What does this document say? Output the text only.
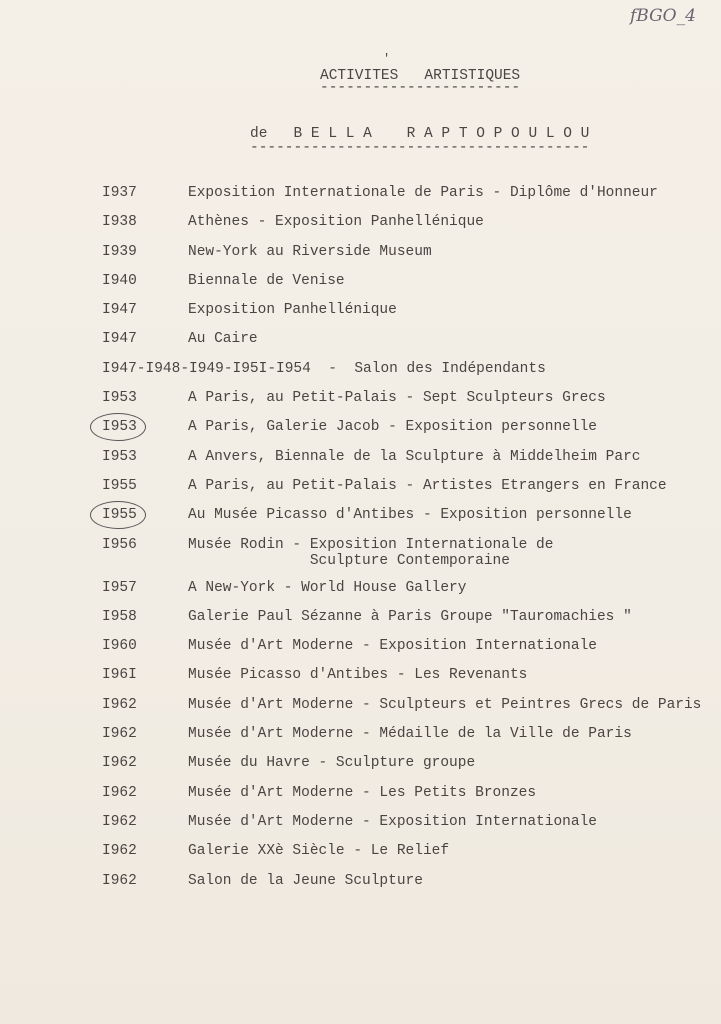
fBGO_4
'
ACTIVITES   ARTISTIQUES
-----------------------
de   B E L L A    R A P T O P O U L O U
---------------------------------------
I937	Exposition Internationale de Paris - Diplôme d'Honneur
I938	Athènes - Exposition Panhellénique
I939	New-York au Riverside Museum
I940	Biennale de Venise
I947	Exposition Panhellénique
I947	Au Caire
I947-I948-I949-I95I-I954 -  Salon des Indépendants
I953	A Paris, au Petit-Palais - Sept Sculpteurs Grecs
I953	A Paris, Galerie Jacob - Exposition personnelle
I953	A Anvers, Biennale de la Sculpture à Middelheim Parc
I955	A Paris, au Petit-Palais - Artistes Etrangers en France
I955	Au Musée Picasso d'Antibes - Exposition personnelle
I956	Musée Rodin - Exposition Internationale de
Sculpture Contemporaine
I957	A New-York - World House Gallery
I958	Galerie Paul Sézanne à Paris Groupe "Tauromachies "
I960	Musée d'Art Moderne - Exposition Internationale
I96I	Musée Picasso d'Antibes - Les Revenants
I962	Musée d'Art Moderne - Sculpteurs et Peintres Grecs de Paris
I962	Musée d'Art Moderne - Médaille de la Ville de Paris
I962	Musée du Havre - Sculpture groupe
I962	Musée d'Art Moderne - Les Petits Bronzes
I962	Musée d'Art Moderne - Exposition Internationale
I962	Galerie XXè Siècle - Le Relief
I962	Salon de la Jeune Sculpture
